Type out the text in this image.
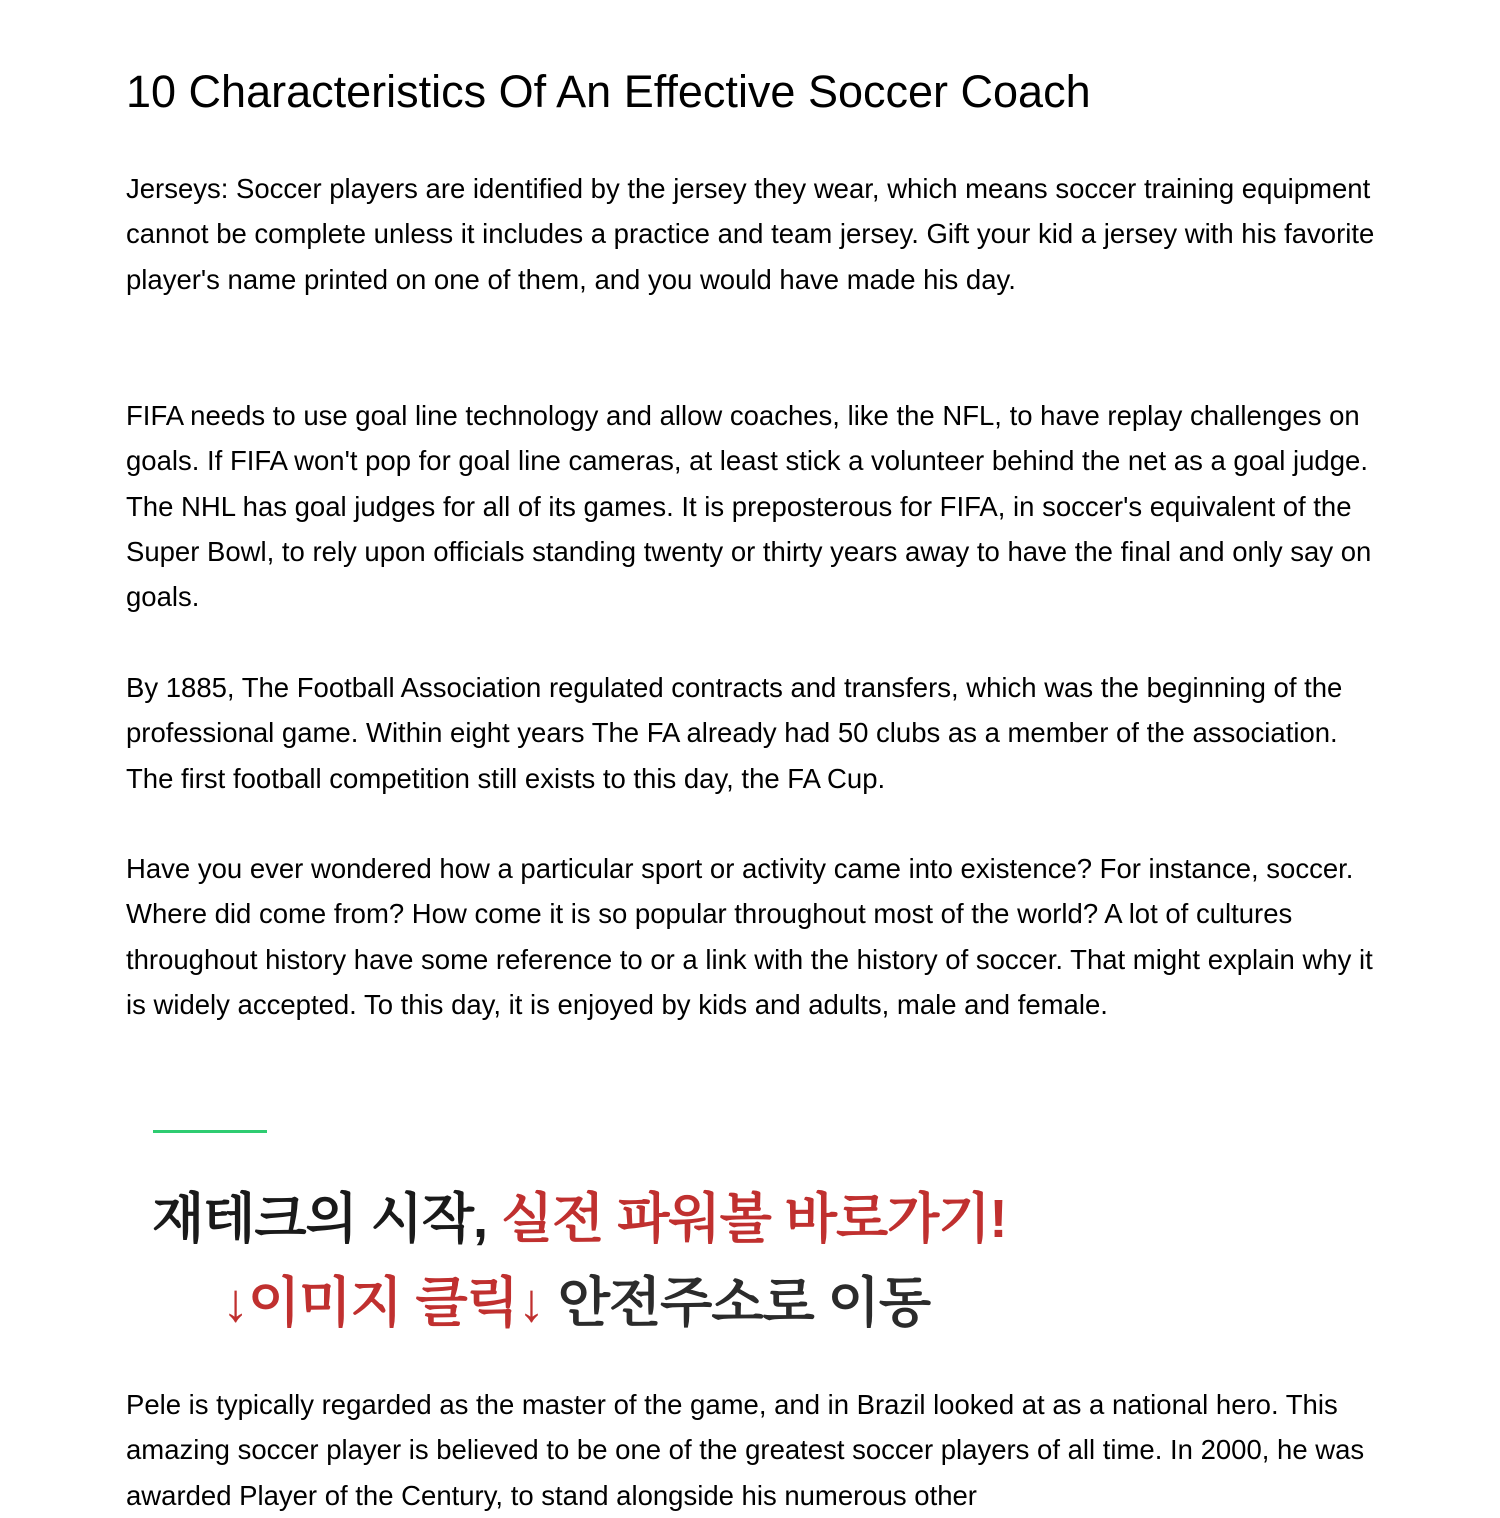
10 Characteristics Of An Effective Soccer Coach

Jerseys: Soccer players are identified by the jersey they wear, which means soccer training equipment cannot be complete unless it includes a practice and team jersey. Gift your kid a jersey with his favorite player's name printed on one of them, and you would have made his day.

FIFA needs to use goal line technology and allow coaches, like the NFL, to have replay challenges on goals. If FIFA won't pop for goal line cameras, at least stick a volunteer behind the net as a goal judge. The NHL has goal judges for all of its games. It is preposterous for FIFA, in soccer's equivalent of the Super Bowl, to rely upon officials standing twenty or thirty years away to have the final and only say on goals.

By 1885, The Football Association regulated contracts and transfers, which was the beginning of the professional game. Within eight years The FA already had 50 clubs as a member of the association. The first football competition still exists to this day, the FA Cup.

Have you ever wondered how a particular sport or activity came into existence? For instance, soccer. Where did come from? How come it is so popular throughout most of the world? A lot of cultures throughout history have some reference to or a link with the history of soccer. That might explain why it is widely accepted. To this day, it is enjoyed by kids and adults, male and female.

Pele is typically regarded as the master of the game, and in Brazil looked at as a national hero. This amazing soccer player is believed to be one of the greatest soccer players of all time. In 2000, he was awarded Player of the Century, to stand alongside his numerous other

재테크의 시작, 실전 파워볼 바로가기!
↓이미지 클릭↓ 안전주소로 이동
